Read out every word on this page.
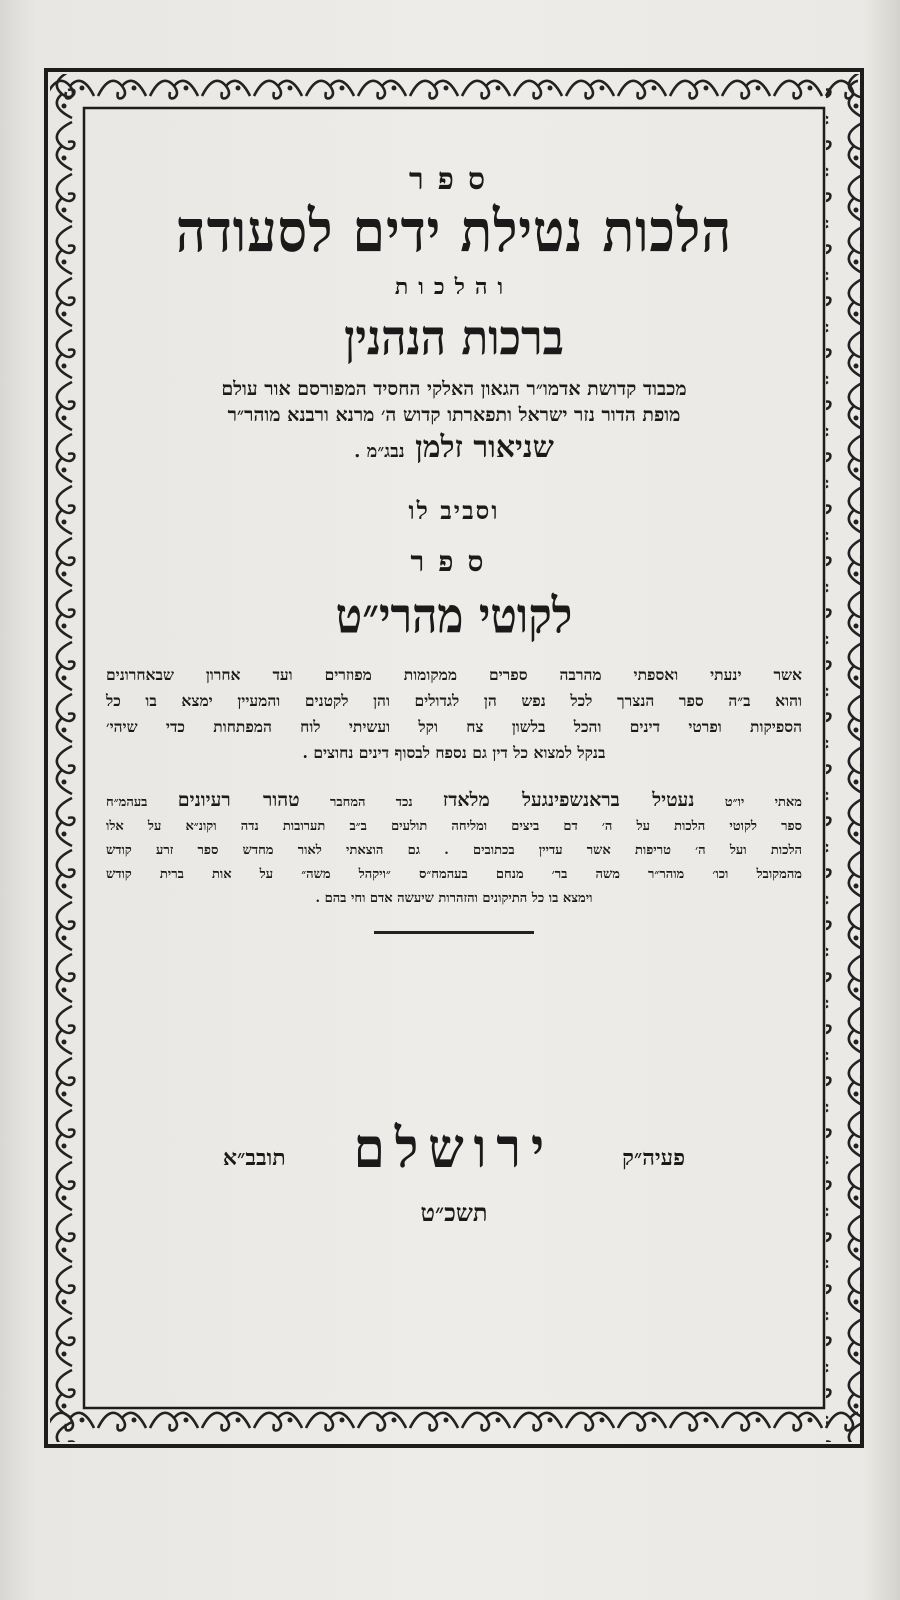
ספר
הלכות נטילת ידים לסעודה
והלכות
ברכות הנהנין
מכבוד קדושת אדמו״ר הגאון האלקי החסיד המפורסם אור עולם
מופת הדור נזר ישראל ותפארתו קדוש ה׳ מרנא ורבנא מוהר״ר
שניאור זלמן נבג״מ .
וסביב לו
ספר
לקוטי מהרי״ט
אשר ינעתי ואספתי מהרבה ספרים ממקומות מפוזרים ועד אחרון שבאחרונים
והוא ב״ה ספר הנצרך לכל נפש הן לגדולים והן לקטנים והמעיין ימצא בו כל
הספיקות ופרטי דינים והכל בלשון צח וקל ועשיתי לוח המפתחות כדי שיהי׳
בנקל למצוא כל דין גם נספח לבסוף דינים נחוצים .
מאתי יו״ט נעטיל בראנשפינגעל מלאדז נכד המחבר טהור רעיונים בעהמ״ח
ספר לקוטי הלכות על ה׳ דם ביצים ומליחה תולעים ב״ב תערובות נדה וקונ״א על אלו
הלכות ועל ה׳ טריפות אשר עדיין בכתובים . גם הוצאתי לאור מחדש ספר זרע קודש
מהמקובל וכו׳ מוהר״ר משה בר׳ מנחם בעהמח״ס ״ויקהל משה״ על אות ברית קודש
וימצא בו כל התיקונים והזהרות שיעשה אדם וחי בהם .
פעיה״ק
ירושלם
תובב״א
תשכ״ט
